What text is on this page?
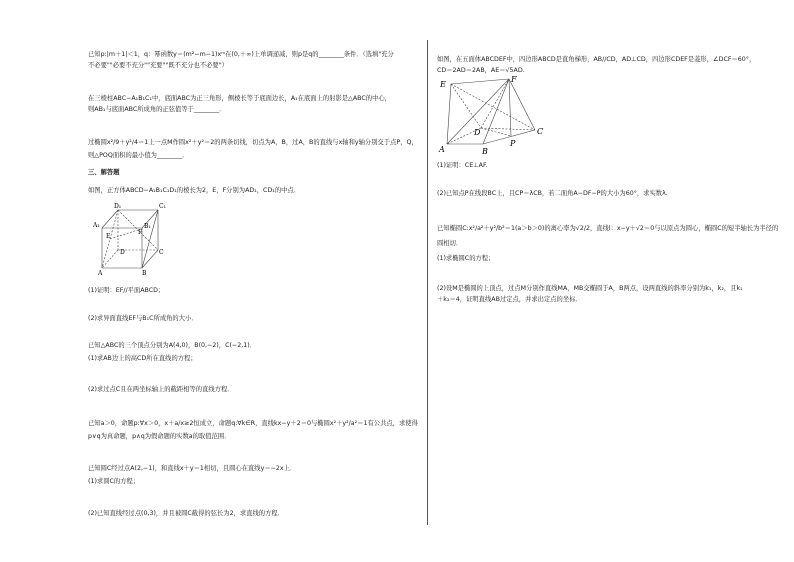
已知p:|m＋1|＜1，q：幂函数y＝(m²−m−1)xᵐ在(0,＋∞)上单调递减，则p是q的________条件．（选填"充分
不必要""必要不充分""充要""既不充分也不必要"）
在三棱柱ABC−A₁B₁C₁中，底面ABC为正三角形，侧棱长等于底面边长，A₁在底面上的射影是△ABC的中心，
则AB₁与底面ABC所成角的正弦值等于________．
过椭圆x²/9＋y²/4＝1上一点M作圆x²＋y²＝2的两条切线，切点为A，B，过A，B的直线与x轴和y轴分别交于点P，Q，
则△POQ面积的最小值为________．
三、解答题
如图，正方体ABCD−A₁B₁C₁D₁的棱长为2，E，F分别为AD₁，CD₁的中点．
D₁	C₁
A₁	B₁
E
F
D	C
A	B
(1)证明：EF//平面ABCD；
(2)求异面直线EF与B₁C所成角的大小．
已知△ABC的三个顶点分别为A(4,0)，B(0,−2)，C(−2,1)．
(1)求AB边上的高CD所在直线的方程；
(2)求过点C且在两坐标轴上的截距相等的直线方程．
已知a＞0，命题p:∀x＞0，x＋a/x≥2恒成立，命题q:∀k∈R，直线kx−y＋2＝0与椭圆x²＋y²/a²＝1有公共点，求使得
p∨q为真命题，p∧q为假命题的实数a的取值范围．
已知圆C经过点A(2,−1)，和直线x＋y＝1相切，且圆心在直线y＝−2x上．
(1)求圆C的方程；
(2)已知直线经过点(0,3)，并且被圆C截得的弦长为2，求直线的方程．
如图，在五面体ABCDEF中，四边形ABCD是直角梯形，AB//CD，AD⊥CD，四边形CDEF是菱形，∠DCF＝60°，
CD＝2AD＝2AB，AE＝√5AD.
F
E
D	C
A	B
P
(1)证明：CE⊥AF.
(2)已知点P在线段BC上，且CP＝λCB，若二面角A−DF−P的大小为60°，求实数λ.
已知椭圆C:x²/a²＋y²/b²＝1(a＞b＞0)的离心率为√2/2，直线l：x−y＋√2＝0与以原点为圆心，椭圆C的短半轴长为半径的
圆相切．
(1)求椭圆C的方程；
(2)设M是椭圆的上顶点，过点M分别作直线MA，MB交椭圆于A，B两点，设两直线的斜率分别为k₁，k₂，且k₁
＋k₂＝4，证明直线AB过定点，并求出定点的坐标．
